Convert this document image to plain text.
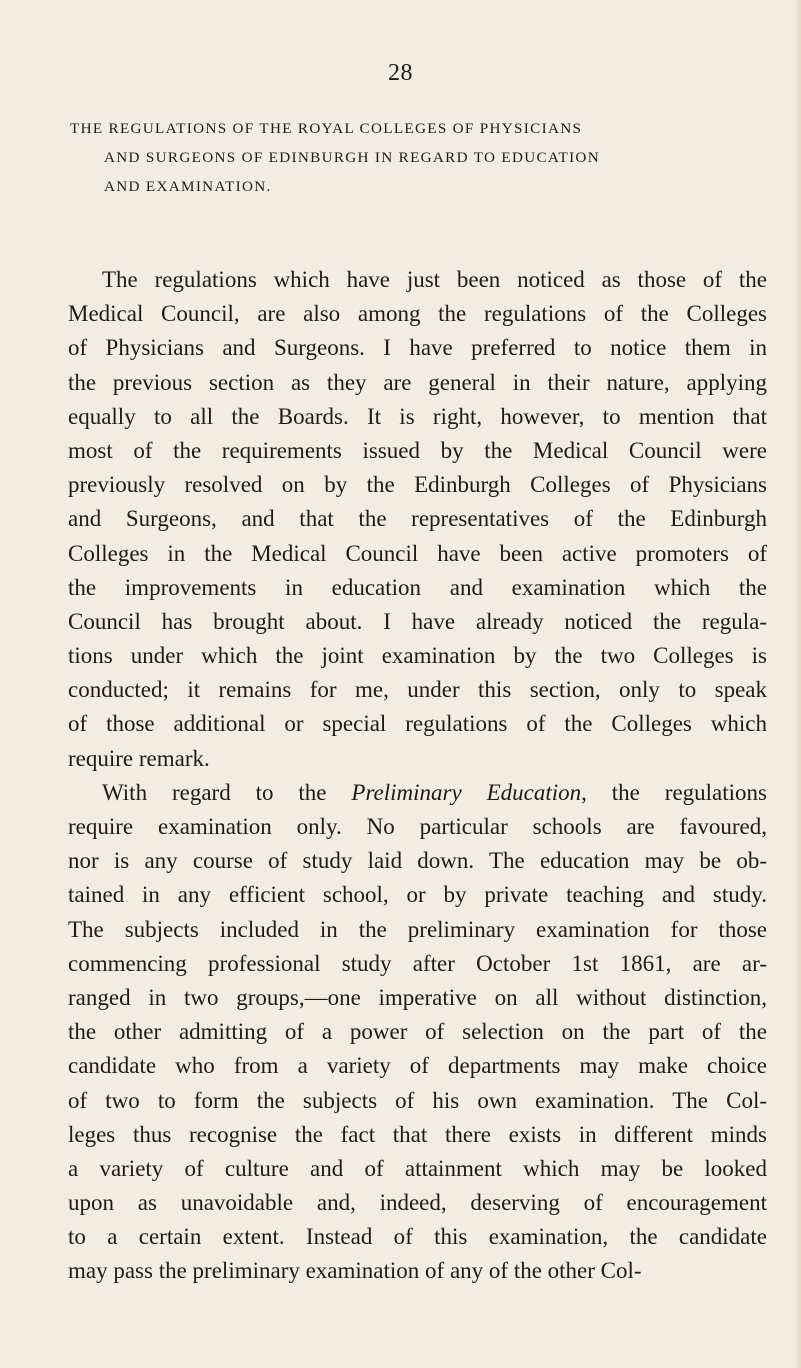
28
THE REGULATIONS OF THE ROYAL COLLEGES OF PHYSICIANS
AND SURGEONS OF EDINBURGH IN REGARD TO EDUCATION
AND EXAMINATION.
The regulations which have just been noticed as those of the
Medical Council, are also among the regulations of the Colleges
of Physicians and Surgeons. I have preferred to notice them in
the previous section as they are general in their nature, applying
equally to all the Boards. It is right, however, to mention that
most of the requirements issued by the Medical Council were
previously resolved on by the Edinburgh Colleges of Physicians
and Surgeons, and that the representatives of the Edinburgh
Colleges in the Medical Council have been active promoters of
the improvements in education and examination which the
Council has brought about. I have already noticed the regula-
tions under which the joint examination by the two Colleges is
conducted; it remains for me, under this section, only to speak
of those additional or special regulations of the Colleges which
require remark.
With regard to the Preliminary Education, the regulations
require examination only. No particular schools are favoured,
nor is any course of study laid down. The education may be ob-
tained in any efficient school, or by private teaching and study.
The subjects included in the preliminary examination for those
commencing professional study after October 1st 1861, are ar-
ranged in two groups,—one imperative on all without distinction,
the other admitting of a power of selection on the part of the
candidate who from a variety of departments may make choice
of two to form the subjects of his own examination. The Col-
leges thus recognise the fact that there exists in different minds
a variety of culture and of attainment which may be looked
upon as unavoidable and, indeed, deserving of encouragement
to a certain extent. Instead of this examination, the candidate
may pass the preliminary examination of any of the other Col-
